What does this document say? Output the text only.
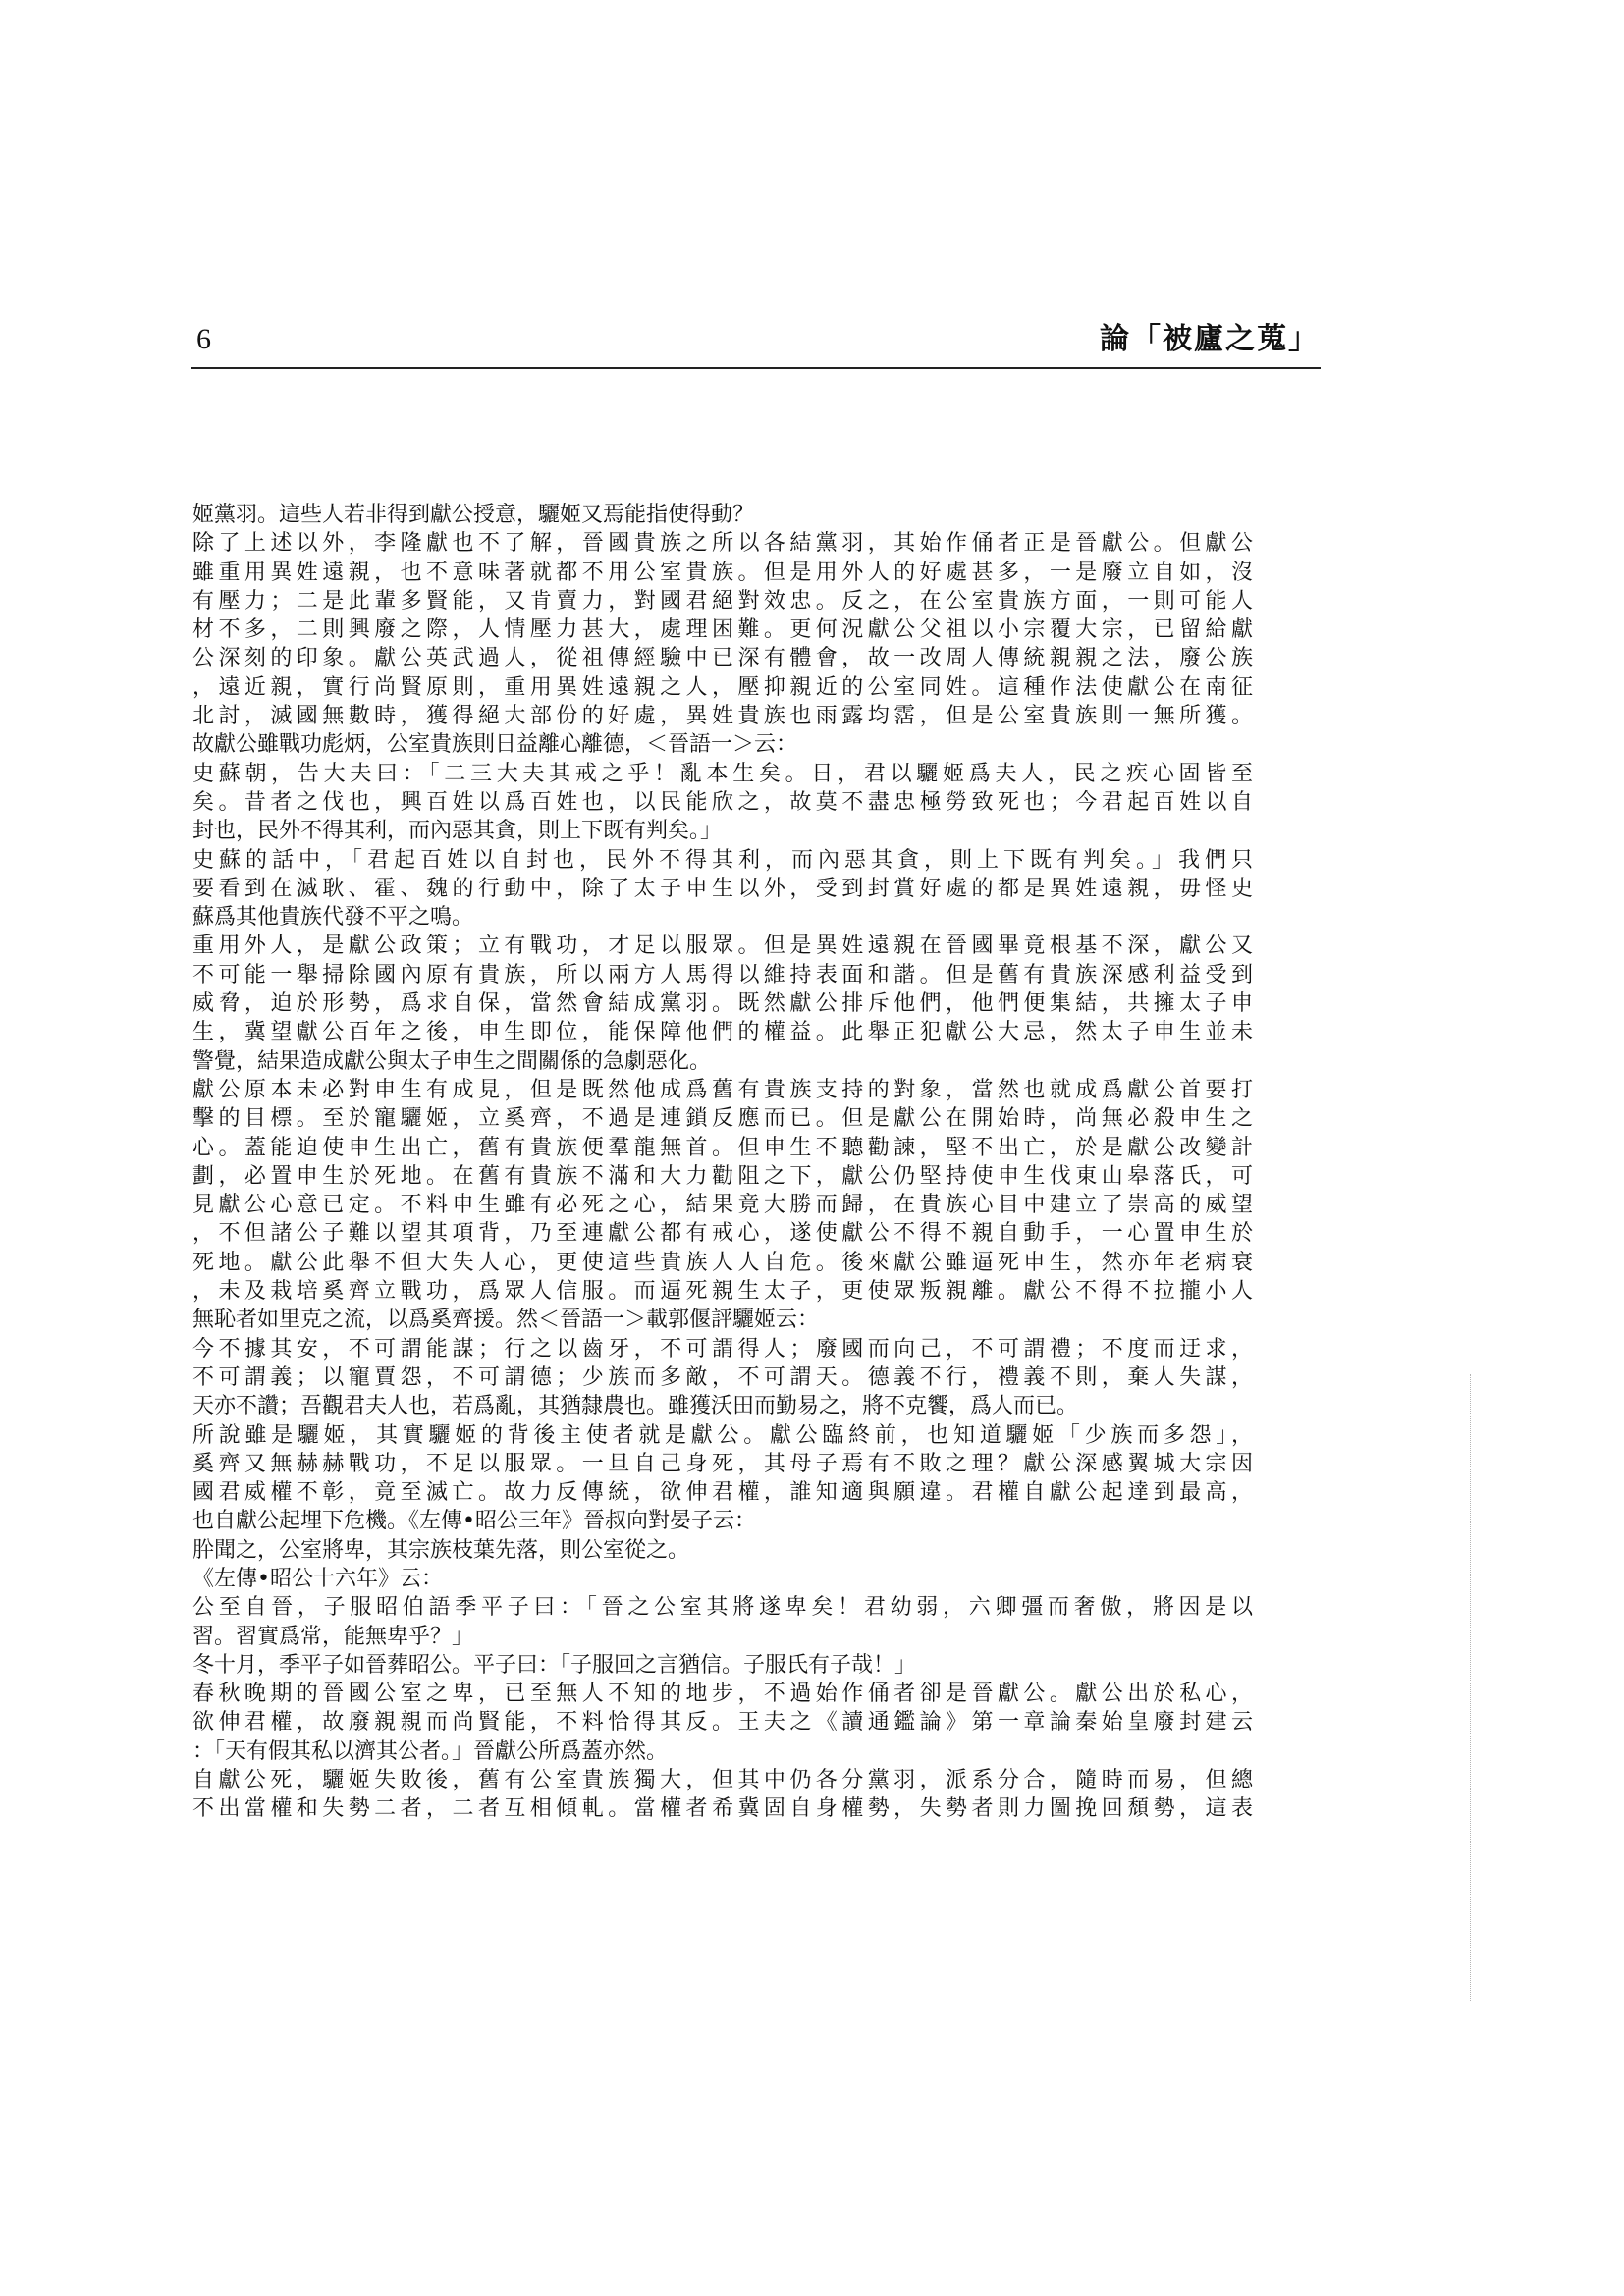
6	論「被廬之蒐」
姬黨羽。這些人若非得到獻公授意，驪姬又焉能指使得動？
除了上述以外，李隆獻也不了解，晉國貴族之所以各結黨羽，其始作俑者正是晉獻公。但獻公
雖重用異姓遠親，也不意味著就都不用公室貴族。但是用外人的好處甚多，一是廢立自如，沒
有壓力；二是此輩多賢能，又肯賣力，對國君絕對效忠。反之，在公室貴族方面，一則可能人
材不多，二則興廢之際，人情壓力甚大，處理困難。更何況獻公父祖以小宗覆大宗，已留給獻
公深刻的印象。獻公英武過人，從祖傳經驗中已深有體會，故一改周人傳統親親之法，廢公族
，遠近親，實行尚賢原則，重用異姓遠親之人，壓抑親近的公室同姓。這種作法使獻公在南征
北討，滅國無數時，獲得絕大部份的好處，異姓貴族也雨露均霑，但是公室貴族則一無所獲。
故獻公雖戰功彪炳，公室貴族則日益離心離德，＜晉語一＞云：
史蘇朝，告大夫曰：「二三大夫其戒之乎！亂本生矣。日，君以驪姬爲夫人，民之疾心固皆至
矣。昔者之伐也，興百姓以爲百姓也，以民能欣之，故莫不盡忠極勞致死也；今君起百姓以自
封也，民外不得其利，而內惡其貪，則上下既有判矣。」
史蘇的話中，「君起百姓以自封也，民外不得其利，而內惡其貪，則上下既有判矣。」我們只
要看到在滅耿、霍、魏的行動中，除了太子申生以外，受到封賞好處的都是異姓遠親，毋怪史
蘇爲其他貴族代發不平之鳴。
重用外人，是獻公政策；立有戰功，才足以服眾。但是異姓遠親在晉國畢竟根基不深，獻公又
不可能一舉掃除國內原有貴族，所以兩方人馬得以維持表面和諧。但是舊有貴族深感利益受到
威脅，迫於形勢，爲求自保，當然會結成黨羽。既然獻公排斥他們，他們便集結，共擁太子申
生，冀望獻公百年之後，申生即位，能保障他們的權益。此舉正犯獻公大忌，然太子申生並未
警覺，結果造成獻公與太子申生之間關係的急劇惡化。
獻公原本未必對申生有成見，但是既然他成爲舊有貴族支持的對象，當然也就成爲獻公首要打
擊的目標。至於寵驪姬，立奚齊，不過是連鎖反應而已。但是獻公在開始時，尚無必殺申生之
心。蓋能迫使申生出亡，舊有貴族便羣龍無首。但申生不聽勸諫，堅不出亡，於是獻公改變計
劃，必置申生於死地。在舊有貴族不滿和大力勸阻之下，獻公仍堅持使申生伐東山皋落氏，可
見獻公心意已定。不料申生雖有必死之心，結果竟大勝而歸，在貴族心目中建立了崇高的威望
，不但諸公子難以望其項背，乃至連獻公都有戒心，遂使獻公不得不親自動手，一心置申生於
死地。獻公此舉不但大失人心，更使這些貴族人人自危。後來獻公雖逼死申生，然亦年老病衰
，未及栽培奚齊立戰功，爲眾人信服。而逼死親生太子，更使眾叛親離。獻公不得不拉攏小人
無恥者如里克之流，以爲奚齊援。然＜晉語一＞載郭偃評驪姬云：
今不據其安，不可謂能謀；行之以齒牙，不可謂得人；廢國而向己，不可謂禮；不度而迂求，
不可謂義；以寵賈怨，不可謂德；少族而多敵，不可謂天。德義不行，禮義不則，棄人失謀，
天亦不讚；吾觀君夫人也，若爲亂，其猶隸農也。雖獲沃田而勤易之，將不克饗，爲人而已。
所說雖是驪姬，其實驪姬的背後主使者就是獻公。獻公臨終前，也知道驪姬「少族而多怨」，
奚齊又無赫赫戰功，不足以服眾。一旦自己身死，其母子焉有不敗之理？獻公深感翼城大宗因
國君威權不彰，竟至滅亡。故力反傳統，欲伸君權，誰知適與願違。君權自獻公起達到最高，
也自獻公起埋下危機。《左傳•昭公三年》晉叔向對晏子云：
肸聞之，公室將卑，其宗族枝葉先落，則公室從之。
《左傳•昭公十六年》云：
公至自晉，子服昭伯語季平子曰：「晉之公室其將遂卑矣！君幼弱，六卿彊而奢傲，將因是以
習。習實爲常，能無卑乎？」
冬十月，季平子如晉葬昭公。平子曰：「子服回之言猶信。子服氏有子哉！」
春秋晚期的晉國公室之卑，已至無人不知的地步，不過始作俑者卻是晉獻公。獻公出於私心，
欲伸君權，故廢親親而尚賢能，不料恰得其反。王夫之《讀通鑑論》第一章論秦始皇廢封建云
：「天有假其私以濟其公者。」晉獻公所爲蓋亦然。
自獻公死，驪姬失敗後，舊有公室貴族獨大，但其中仍各分黨羽，派系分合，隨時而易，但總
不出當權和失勢二者，二者互相傾軋。當權者希冀固自身權勢，失勢者則力圖挽回頹勢，這表
